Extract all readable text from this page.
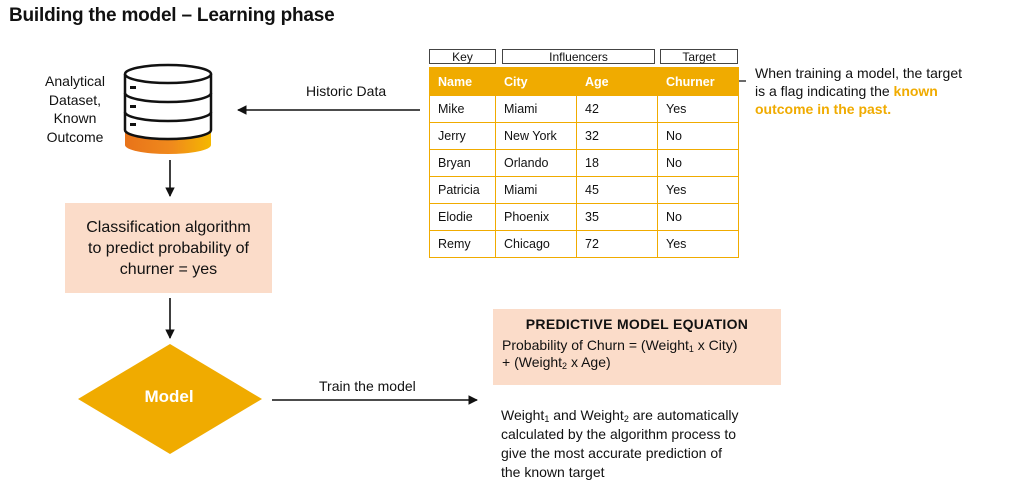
Building the model – Learning phase
Analytical
Dataset,
Known
Outcome
Historic Data
Classification algorithm
to predict probability of
churner = yes
Model
Train the model
Key	Influencers	Target
Name	City	Age	Churner
Mike	Miami	42	Yes
Jerry	New York	32	No
Bryan	Orlando	18	No
Patricia	Miami	45	Yes
Elodie	Phoenix	35	No
Remy	Chicago	72	Yes
When training a model, the target
is a flag indicating the known
outcome in the past.
PREDICTIVE MODEL EQUATION
Probability of Churn = (Weight$_1$ x City)
+ (Weight$_2$ x Age)
Weight$_1$ and Weight$_2$ are automatically
calculated by the algorithm process to
give the most accurate prediction of
the known target
